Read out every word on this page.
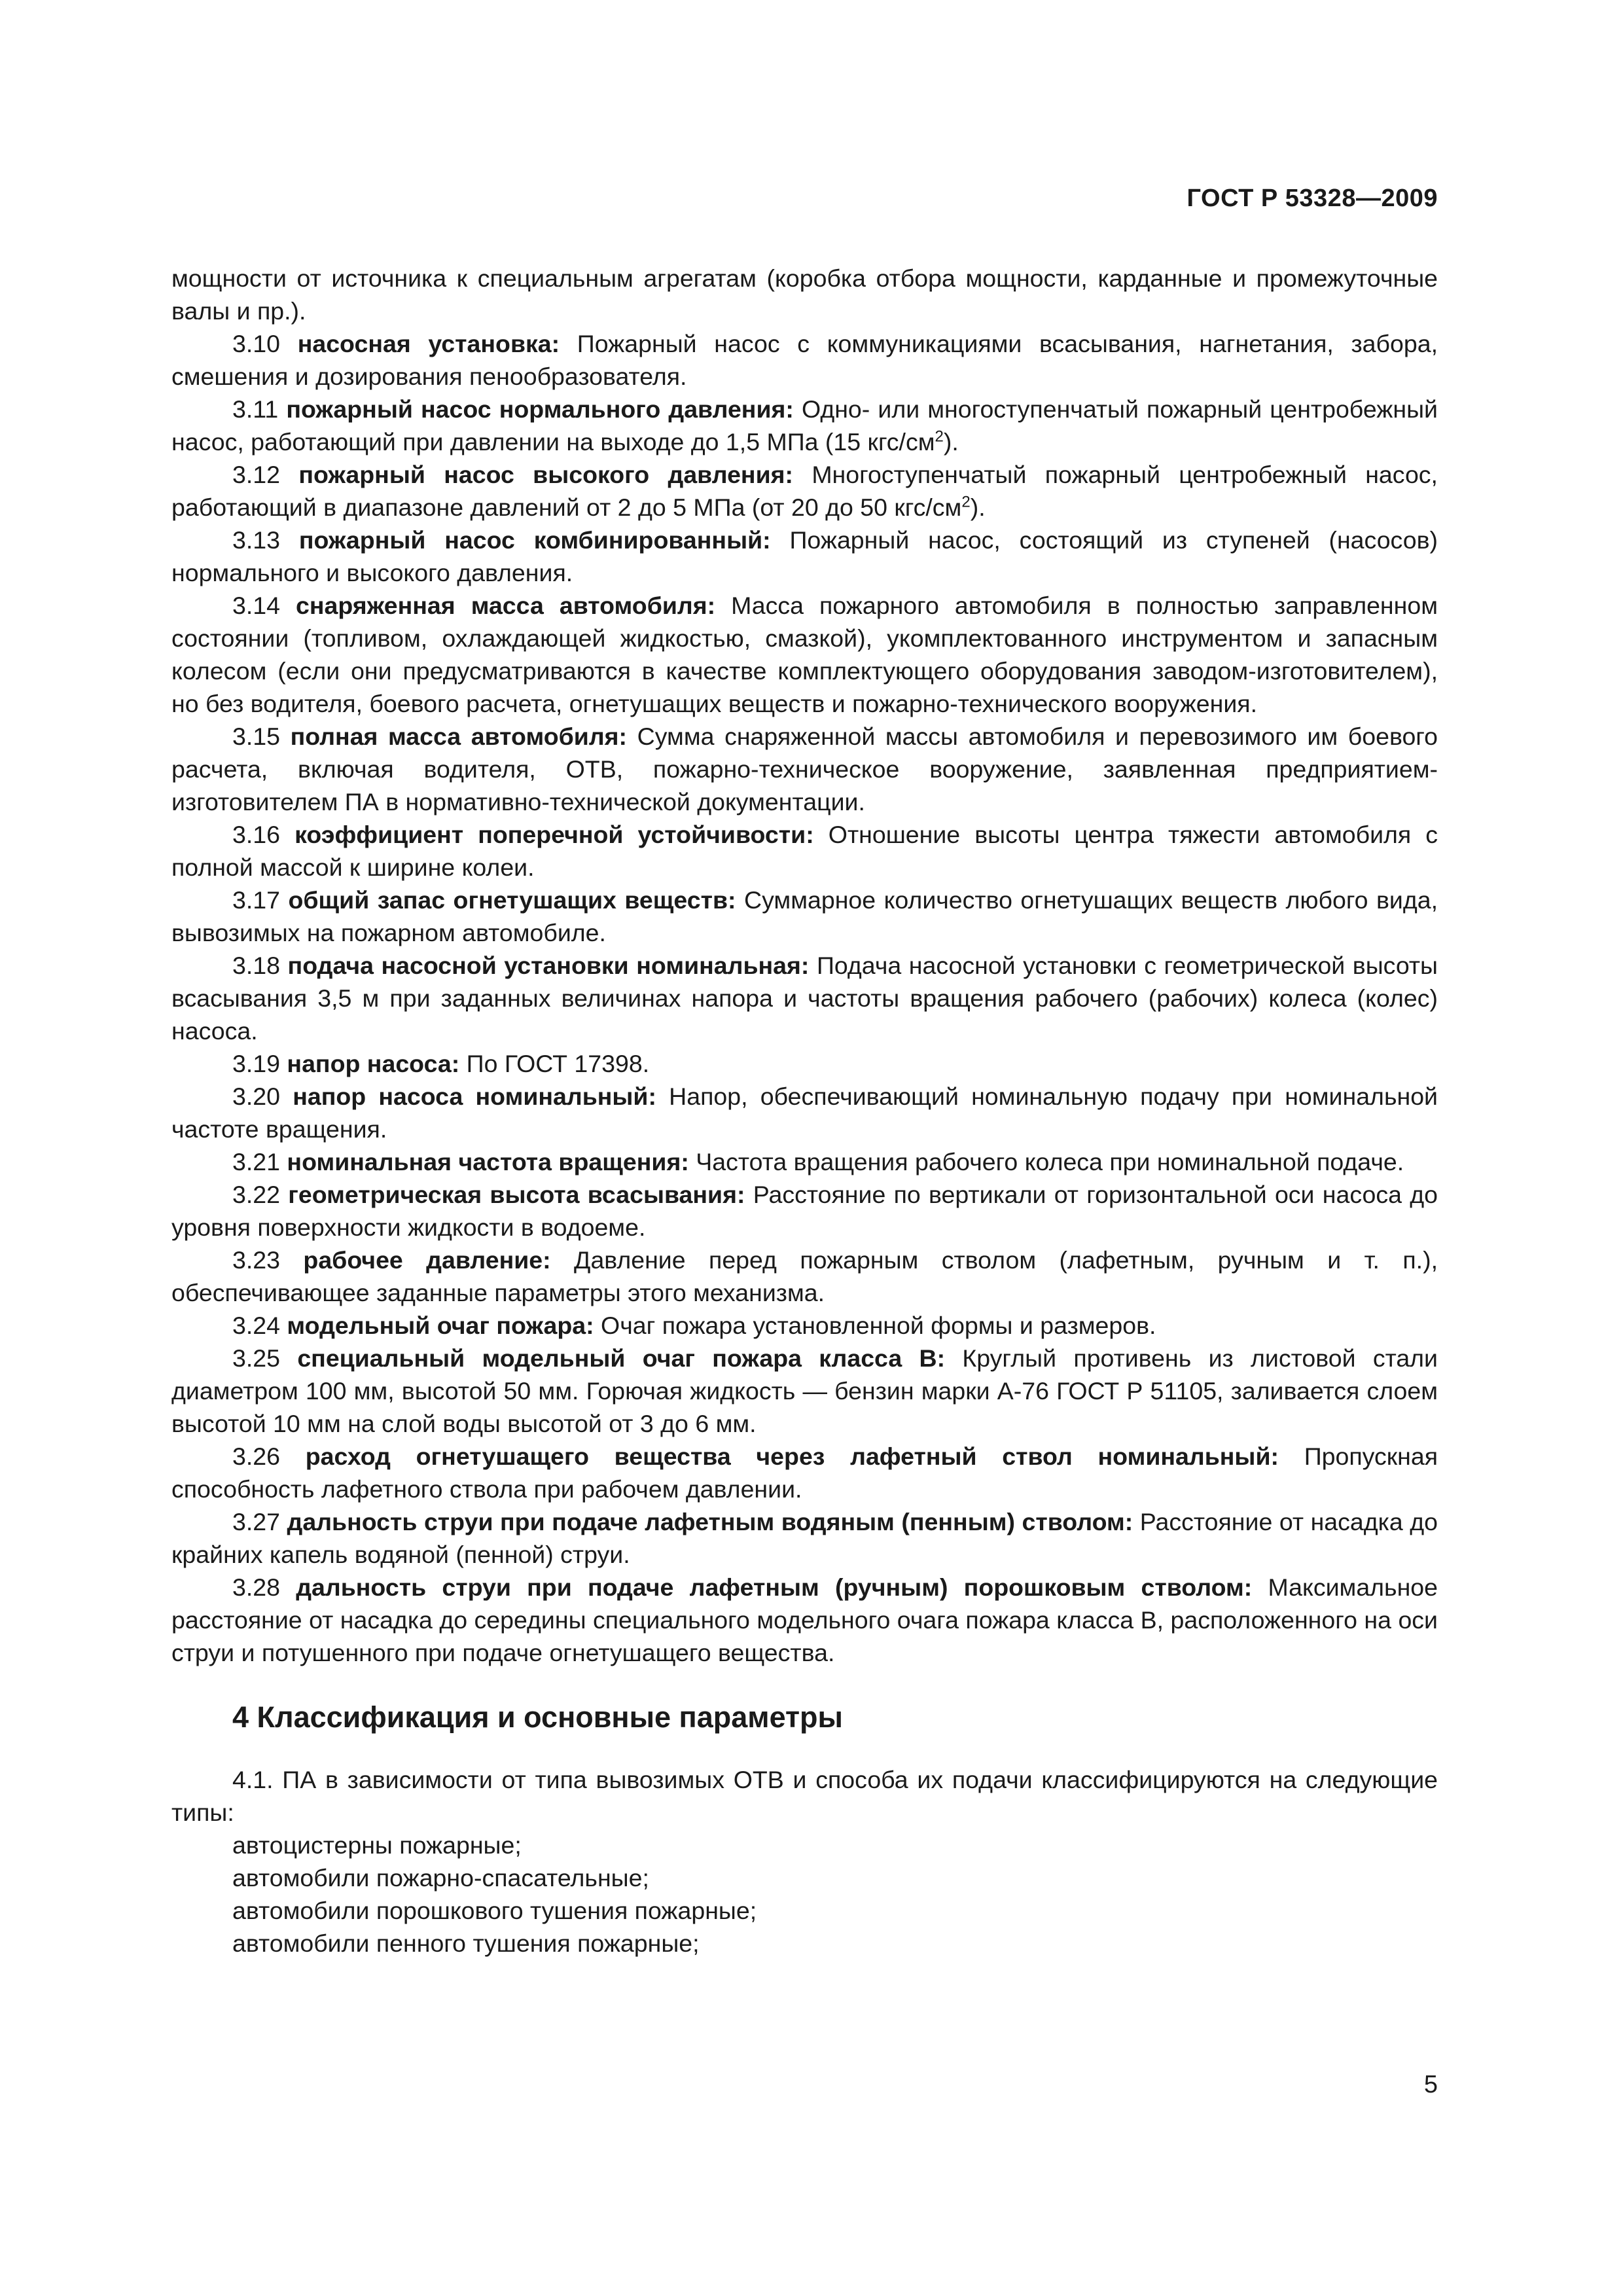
ГОСТ Р 53328—2009

мощности от источника к специальным агрегатам (коробка отбора мощности, карданные и промежуточные валы и пр.).

3.10 насосная установка: Пожарный насос с коммуникациями всасывания, нагнетания, забора, смешения и дозирования пенообразователя.

3.11 пожарный насос нормального давления: Одно- или многоступенчатый пожарный центробежный насос, работающий при давлении на выходе до 1,5 МПа (15 кгс/$см^2$).

3.12 пожарный насос высокого давления: Многоступенчатый пожарный центробежный насос, работающий в диапазоне давлений от 2 до 5 МПа (от 20 до 50 кгс/$см^2$).

3.13 пожарный насос комбинированный: Пожарный насос, состоящий из ступеней (насосов) нормального и высокого давления.

3.14 снаряженная масса автомобиля: Масса пожарного автомобиля в полностью заправленном состоянии (топливом, охлаждающей жидкостью, смазкой), укомплектованного инструментом и запасным колесом (если они предусматриваются в качестве комплектующего оборудования заводом-изготовителем), но без водителя, боевого расчета, огнетушащих веществ и пожарно-технического вооружения.

3.15 полная масса автомобиля: Сумма снаряженной массы автомобиля и перевозимого им боевого расчета, включая водителя, ОТВ, пожарно-техническое вооружение, заявленная предприятием-изготовителем ПА в нормативно-технической документации.

3.16 коэффициент поперечной устойчивости: Отношение высоты центра тяжести автомобиля с полной массой к ширине колеи.

3.17 общий запас огнетушащих веществ: Суммарное количество огнетушащих веществ любого вида, вывозимых на пожарном автомобиле.

3.18 подача насосной установки номинальная: Подача насосной установки с геометрической высоты всасывания 3,5 м при заданных величинах напора и частоты вращения рабочего (рабочих) колеса (колес) насоса.

3.19 напор насоса: По ГОСТ 17398.

3.20 напор насоса номинальный: Напор, обеспечивающий номинальную подачу при номинальной частоте вращения.

3.21 номинальная частота вращения: Частота вращения рабочего колеса при номинальной подаче.

3.22 геометрическая высота всасывания: Расстояние по вертикали от горизонтальной оси насоса до уровня поверхности жидкости в водоеме.

3.23 рабочее давление: Давление перед пожарным стволом (лафетным, ручным и т. п.), обеспечивающее заданные параметры этого механизма.

3.24 модельный очаг пожара: Очаг пожара установленной формы и размеров.

3.25 специальный модельный очаг пожара класса В: Круглый противень из листовой стали диаметром 100 мм, высотой 50 мм. Горючая жидкость — бензин марки А-76 ГОСТ Р 51105, заливается слоем высотой 10 мм на слой воды высотой от 3 до 6 мм.

3.26 расход огнетушащего вещества через лафетный ствол номинальный: Пропускная способность лафетного ствола при рабочем давлении.

3.27 дальность струи при подаче лафетным водяным (пенным) стволом: Расстояние от насадка до крайних капель водяной (пенной) струи.

3.28 дальность струи при подаче лафетным (ручным) порошковым стволом: Максимальное расстояние от насадка до середины специального модельного очага пожара класса В, расположенного на оси струи и потушенного при подаче огнетушащего вещества.

4 Классификация и основные параметры

4.1. ПА в зависимости от типа вывозимых ОТВ и способа их подачи классифицируются на следующие типы:

автоцистерны пожарные;

автомобили пожарно-спасательные;

автомобили порошкового тушения пожарные;

автомобили пенного тушения пожарные;

5
